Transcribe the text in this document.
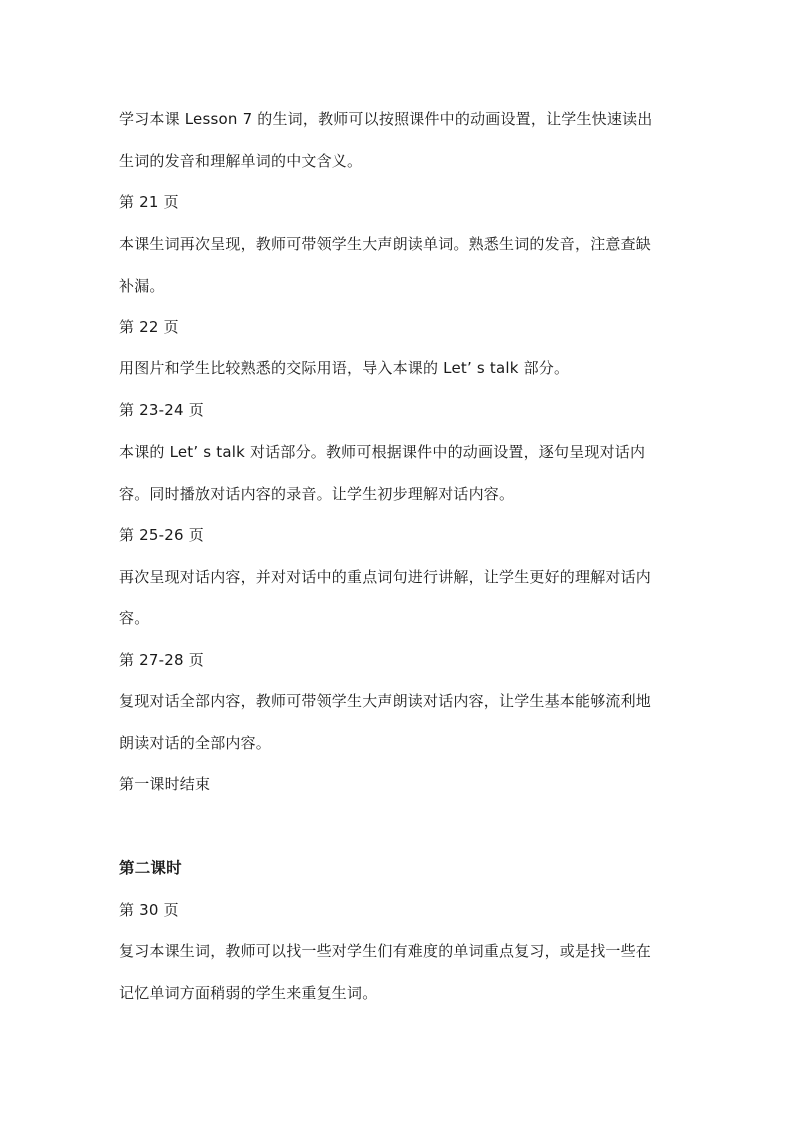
学习本课 Lesson 7 的生词，教师可以按照课件中的动画设置，让学生快速读出
生词的发音和理解单词的中文含义。
第 21 页
本课生词再次呈现，教师可带领学生大声朗读单词。熟悉生词的发音，注意查缺
补漏。
第 22 页
用图片和学生比较熟悉的交际用语，导入本课的 Let’ s talk 部分。
第 23-24 页
本课的 Let’ s talk 对话部分。教师可根据课件中的动画设置，逐句呈现对话内
容。同时播放对话内容的录音。让学生初步理解对话内容。
第 25-26 页
再次呈现对话内容，并对对话中的重点词句进行讲解，让学生更好的理解对话内
容。
第 27-28 页
复现对话全部内容，教师可带领学生大声朗读对话内容，让学生基本能够流利地
朗读对话的全部内容。
第一课时结束
第二课时
第 30 页
复习本课生词，教师可以找一些对学生们有难度的单词重点复习，或是找一些在
记忆单词方面稍弱的学生来重复生词。
